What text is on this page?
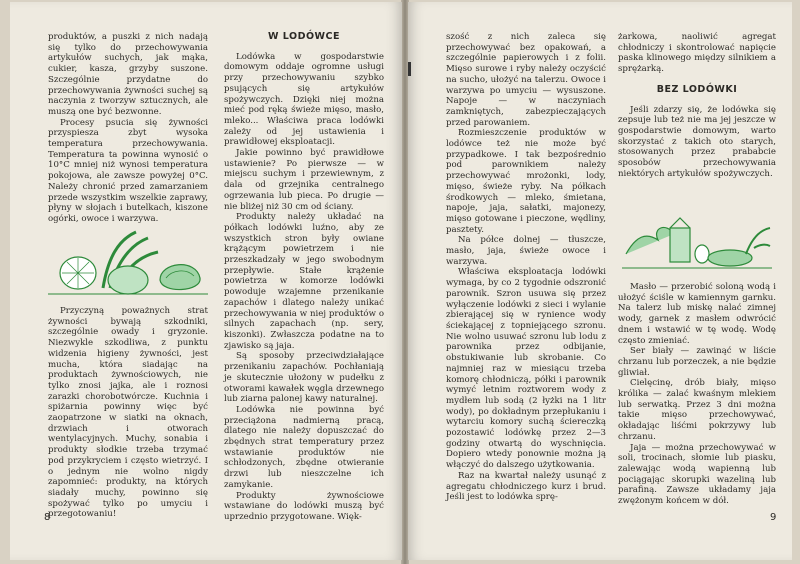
produktów, a puszki z nich nadają się tylko do przechowywania artykułów suchych, jak mąka, cukier, kasza, grzyby suszone. Szczególnie przydatne do przechowywania żywności suchej są naczynia z tworzyw sztucznych, ale muszą one być bezwonne.

Procesy psucia się żywności przyspiesza zbyt wysoka temperatura przechowywania. Temperatura ta powinna wynosić o 10°C mniej niż wynosi temperatura pokojowa, ale zawsze powyżej 0°C. Należy chronić przed zamarzaniem przede wszystkim wszelkie zaprawy, płyny w słojach i butelkach, kiszone ogórki, owoce i warzywa.

Przyczyną poważnych strat żywności bywają szkodniki, szczególnie owady i gryzonie. Niezwykle szkodliwa, z punktu widzenia higieny żywności, jest mucha, która siadając na produktach żywnościowych, nie tylko znosi jajka, ale i roznosi zarazki chorobotwórcze. Kuchnia i spiżarnia powinny więc być zaopatrzone w siatki na oknach, drzwiach i otworach wentylacyjnych. Muchy, sonabia i produkty słodkie trzeba trzymać pod przykryciem i często wietrzyć. I o jednym nie wolno nigdy zapomnieć: produkty, na których siadały muchy, powinno się spożywać tylko po umyciu i przegotowaniu!

W LODÓWCE

Lodówka w gospodarstwie domowym oddaje ogromne usługi przy przechowywaniu szybko psujących się artykułów spożywczych. Dzięki niej można mieć pod ręką świeże mięso, masło, mleko... Właściwa praca lodówki zależy od jej ustawienia i prawidłowej eksploatacji.

Jakie powinno być prawidłowe ustawienie? Po pierwsze — w miejscu suchym i przewiewnym, z dala od grzejnika centralnego ogrzewania lub pieca. Po drugie — nie bliżej niż 30 cm od ściany.

Produkty należy układać na półkach lodówki luźno, aby ze wszystkich stron były owiane krążącym powietrzem i nie przeszkadzały w jego swobodnym przepływie. Stałe krążenie powietrza w komorze lodówki powoduje wzajemne przenikanie zapachów i dlatego należy unikać przechowywania w niej produktów o silnych zapachach (np. sery, kiszonki). Zwłaszcza podatne na to zjawisko są jaja.

Są sposoby przeciwdziałające przenikaniu zapachów. Pochłaniają je skutecznie ułożony w pudełku z otworami kawałek węgla drzewnego lub ziarna palonej kawy naturalnej.

Lodówka nie powinna być przeciążona nadmierną pracą, dlatego nie należy dopuszczać do zbędnych strat temperatury przez wstawianie produktów nie schłodzonych, zbędne otwieranie drzwi lub nieszczelne ich zamykanie.

Produkty żywnościowe wstawiane do lodówki muszą być uprzednio przygotowane. Więk-

8

szość z nich zaleca się przechowywać bez opakowań, a szczególnie papierowych i z folii. Mięso surowe i ryby należy oczyścić na sucho, ułożyć na talerzu. Owoce i warzywa po umyciu — wysuszone. Napoje — w naczyniach zamkniętych, zabezpieczających przed parowaniem.

Rozmieszczenie produktów w lodówce też nie może być przypadkowe. I tak bezpośrednio pod parownikiem należy przechowywać mrożonki, lody, mięso, świeże ryby. Na półkach środkowych — mleko, śmietana, napoje, jaja, sałatki, majonezy, mięso gotowane i pieczone, wędliny, pasztety.

Na półce dolnej — tłuszcze, masło, jaja, świeże owoce i warzywa.

Właściwa eksploatacja lodówki wymaga, by co 2 tygodnie odszronić parownik. Szron usuwa się przez wyłączenie lodówki z sieci i wylanie zbierającej się w rynience wody ściekającej z topniejącego szronu. Nie wolno usuwać szronu lub lodu z parownika przez odbijanie, obstukiwanie lub skrobanie. Co najmniej raz w miesiącu trzeba komorę chłodniczą, półki i parownik wymyć letnim roztworem wody z mydłem lub sodą (2 łyżki na 1 litr wody), po dokładnym przepłukaniu i wytarciu komory suchą ściereczką pozostawić lodówkę przez 2—3 godziny otwartą do wyschnięcia. Dopiero wtedy ponownie można ją włączyć do dalszego użytkowania.

Raz na kwartał należy usunąć z agregatu chłodniczego kurz i brud. Jeśli jest to lodówka sprę-

żarkowa, naoliwić agregat chłodniczy i skontrolować napięcie paska klinowego między silnikiem a sprężarką.

BEZ LODÓWKI

Jeśli zdarzy się, że lodówka się zepsuje lub też nie ma jej jeszcze w gospodarstwie domowym, warto skorzystać z takich oto starych, stosowanych przez prababcie sposobów przechowywania niektórych artykułów spożywczych.

Masło — przerobić soloną wodą i ułożyć ściśle w kamiennym garnku. Na talerz lub miskę nalać zimnej wody, garnek z masłem odwrócić dnem i wstawić w tę wodę. Wodę często zmieniać.

Ser biały — zawinąć w liście chrzanu lub porzeczek, a nie będzie gliwiał.

Cielęcinę, drób biały, mięso królika — zalać kwaśnym mlekiem lub serwatką. Przez 3 dni można takie mięso przechowywać, okładając liśćmi pokrzywy lub chrzanu.

Jaja — można przechowywać w soli, trocinach, słomie lub piasku, zalewając wodą wapienną lub pociągając skorupki wazeliną lub parafiną. Zawsze układamy jaja zwężonym końcem w dół.

9
